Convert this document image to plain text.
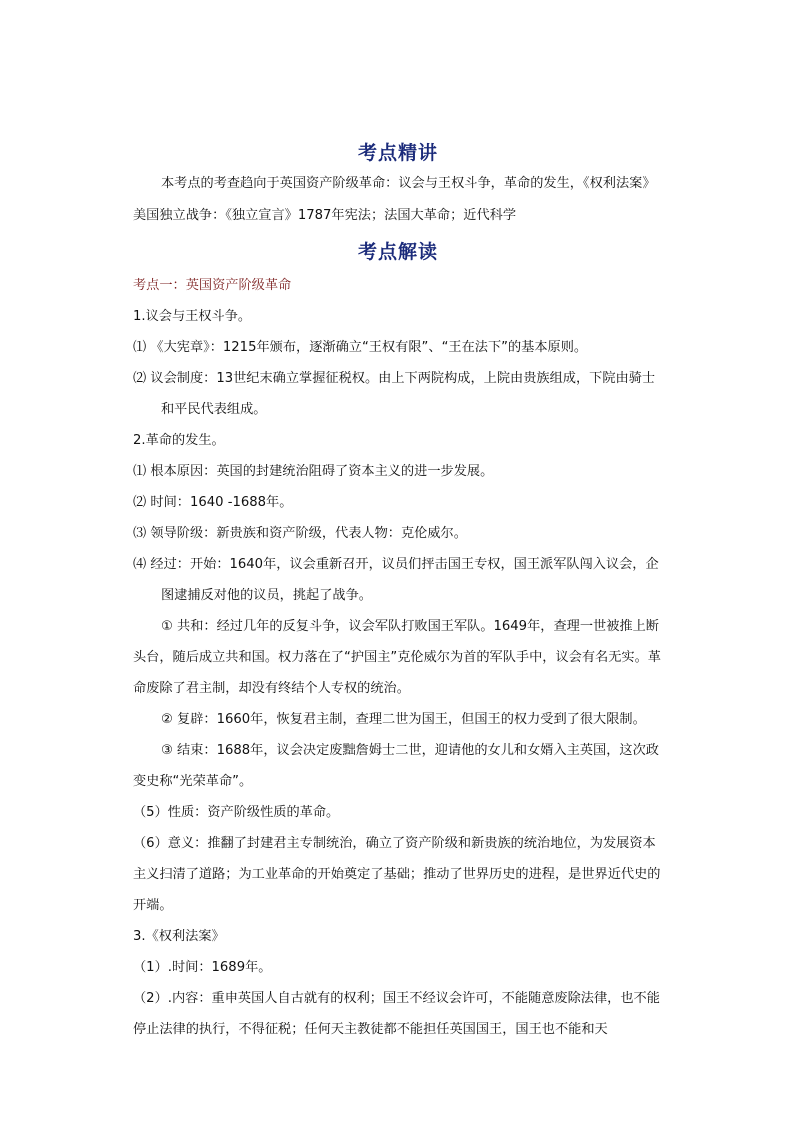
考点精讲

本考点的考查趋向于英国资产阶级革命：议会与王权斗争，革命的发生，《权利法案》美国独立战争：《独立宣言》1787年宪法；法国大革命；近代科学

考点解读

考点一：英国资产阶级革命

1.议会与王权斗争。

⑴ 《大宪章》：1215年颁布，逐渐确立“王权有限”、“王在法下”的基本原则。

⑵ 议会制度：13世纪末确立掌握征税权。由上下两院构成，上院由贵族组成，下院由骑士和平民代表组成。

2.革命的发生。

⑴ 根本原因：英国的封建统治阻碍了资本主义的进一步发展。

⑵ 时间：1640 -1688年。

⑶ 领导阶级：新贵族和资产阶级，代表人物：克伦威尔。

⑷ 经过：开始：1640年，议会重新召开，议员们抨击国王专权，国王派军队闯入议会，企图逮捕反对他的议员，挑起了战争。

① 共和：经过几年的反复斗争，议会军队打败国王军队。1649年，查理一世被推上断头台，随后成立共和国。权力落在了“护国主”克伦威尔为首的军队手中，议会有名无实。革命废除了君主制，却没有终结个人专权的统治。

② 复辟：1660年，恢复君主制，查理二世为国王，但国王的权力受到了很大限制。

③ 结束：1688年，议会决定废黜詹姆士二世，迎请他的女儿和女婿入主英国，这次政变史称“光荣革命”。

（5）性质：资产阶级性质的革命。

（6）意义：推翻了封建君主专制统治，确立了资产阶级和新贵族的统治地位，为发展资本主义扫清了道路；为工业革命的开始奠定了基础；推动了世界历史的进程，是世界近代史的开端。

3.《权利法案》

（1）.时间：1689年。

（2）.内容：重申英国人自古就有的权利；国王不经议会许可，不能随意废除法律，也不能停止法律的执行，不得征税；任何天主教徒都不能担任英国国王，国王也不能和天
